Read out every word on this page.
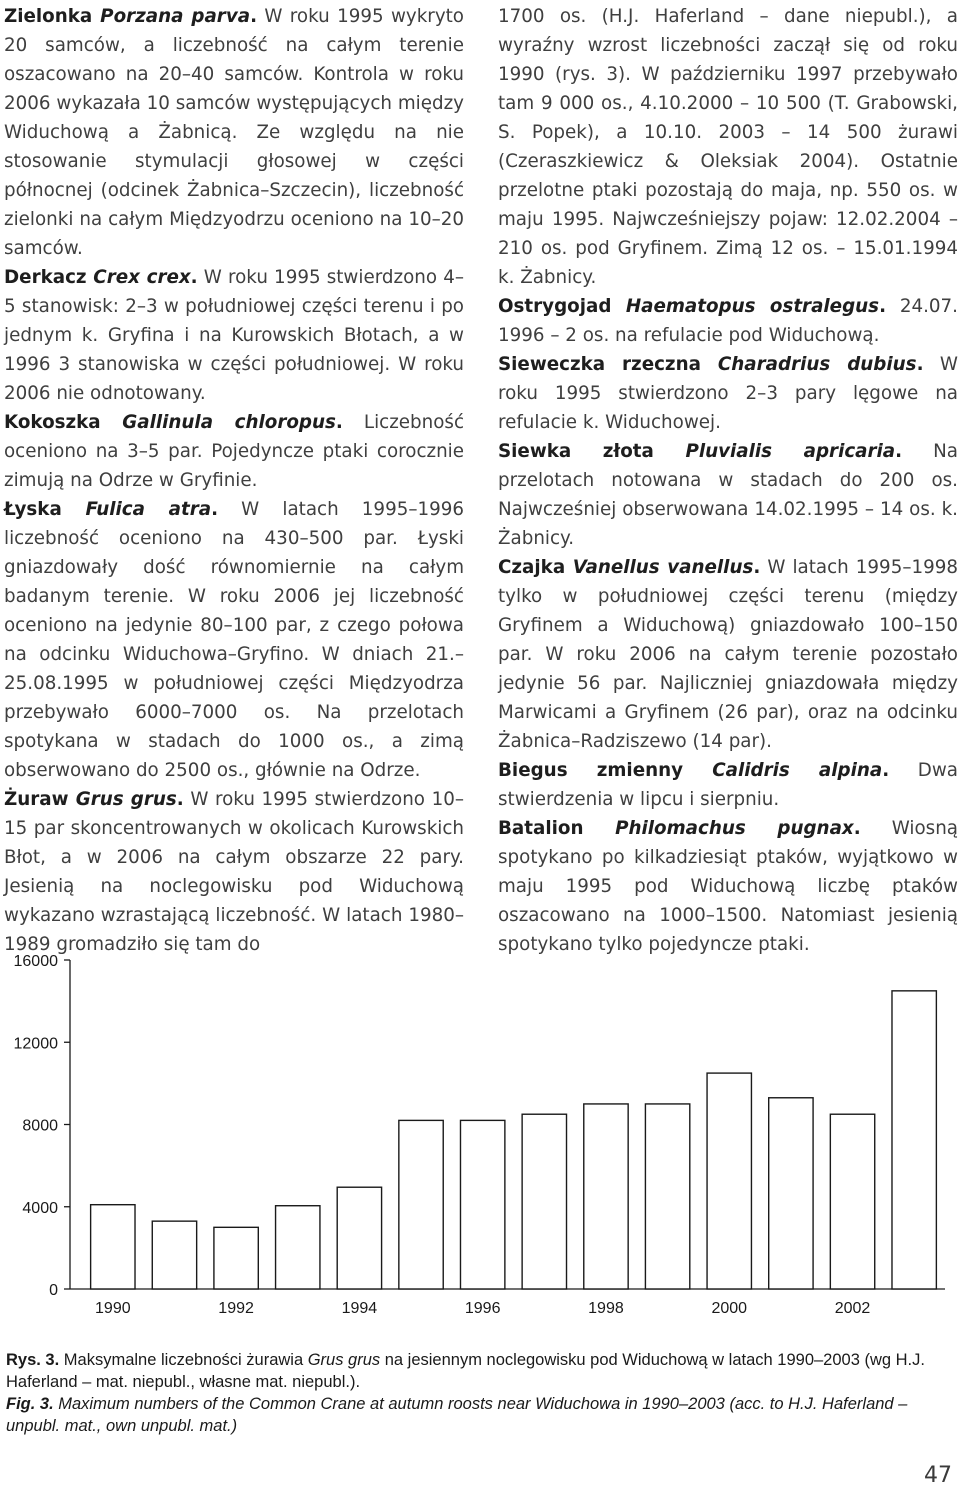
Zielonka Porzana parva. W roku 1995 wykryto 20 samców, a liczebność na całym terenie oszacowano na 20–40 samców. Kontrola w roku 2006 wykazała 10 samców występujących między Widuchową a Żabnicą. Ze względu na nie stosowanie stymulacji głosowej w części północnej (odcinek Żabnica–Szczecin), liczebność zielonki na całym Międzyodrzu oceniono na 10–20 samców.

Derkacz Crex crex. W roku 1995 stwierdzono 4–5 stanowisk: 2–3 w południowej części terenu i po jednym k. Gryfina i na Kurowskich Błotach, a w 1996 3 stanowiska w części południowej. W roku 2006 nie odnotowany.

Kokoszka Gallinula chloropus. Liczebność oceniono na 3–5 par. Pojedyncze ptaki corocznie zimują na Odrze w Gryfinie.

Łyska Fulica atra. W latach 1995–1996 liczebność oceniono na 430–500 par. Łyski gniazdowały dość równomiernie na całym badanym terenie. W roku 2006 jej liczebność oceniono na jedynie 80–100 par, z czego połowa na odcinku Widuchowa–Gryfino. W dniach 21.–25.08.1995 w południowej części Międzyodrza przebywało 6000–7000 os. Na przelotach spotykana w stadach do 1000 os., a zimą obserwowano do 2500 os., głównie na Odrze.

Żuraw Grus grus. W roku 1995 stwierdzono 10–15 par skoncentrowanych w okolicach Kurowskich Błot, a w 2006 na całym obszarze 22 pary. Jesienią na noclegowisku pod Widuchową wykazano wzrastającą liczebność. W latach 1980–1989 gromadziło się tam do

1700 os. (H.J. Haferland – dane niepubl.), a wyraźny wzrost liczebności zaczął się od roku 1990 (rys. 3). W październiku 1997 przebywało tam 9 000 os., 4.10.2000 – 10 500 (T. Grabowski, S. Popek), a 10.10. 2003 – 14 500 żurawi (Czeraszkiewicz & Oleksiak 2004). Ostatnie przelotne ptaki pozostają do maja, np. 550 os. w maju 1995. Najwcześniejszy pojaw: 12.02.2004 – 210 os. pod Gryfinem. Zimą 12 os. – 15.01.1994 k. Żabnicy.

Ostrygojad Haematopus ostralegus. 24.07. 1996 – 2 os. na refulacie pod Widuchową.

Sieweczka rzeczna Charadrius dubius. W roku 1995 stwierdzono 2–3 pary lęgowe na refulacie k. Widuchowej.

Siewka złota Pluvialis apricaria. Na przelotach notowana w stadach do 200 os. Najwcześniej obserwowana 14.02.1995 – 14 os. k. Żabnicy.

Czajka Vanellus vanellus. W latach 1995–1998 tylko w południowej części terenu (między Gryfinem a Widuchową) gniazdowało 100–150 par. W roku 2006 na całym terenie pozostało jedynie 56 par. Najliczniej gniazdowała między Marwicami a Gryfinem (26 par), oraz na odcinku Żabnica–Radziszewo (14 par).

Biegus zmienny Calidris alpina. Dwa stwierdzenia w lipcu i sierpniu.

Batalion Philomachus pugnax. Wiosną spotykano po kilkadziesiąt ptaków, wyjątkowo w maju 1995 pod Widuchową liczbę ptaków oszacowano na 1000–1500. Natomiast jesienią spotykano tylko pojedyncze ptaki.

0
4000
8000
12000
16000
1990	1992	1994	1996	1998	2000	2002

Rys. 3. Maksymalne liczebności żurawia Grus grus na jesiennym noclegowisku pod Widuchową w latach 1990–2003 (wg H.J. Haferland – mat. niepubl., własne mat. niepubl.).

Fig. 3. Maximum numbers of the Common Crane at autumn roosts near Widuchowa in 1990–2003 (acc. to H.J. Haferland – unpubl. mat., own unpubl. mat.)

47
